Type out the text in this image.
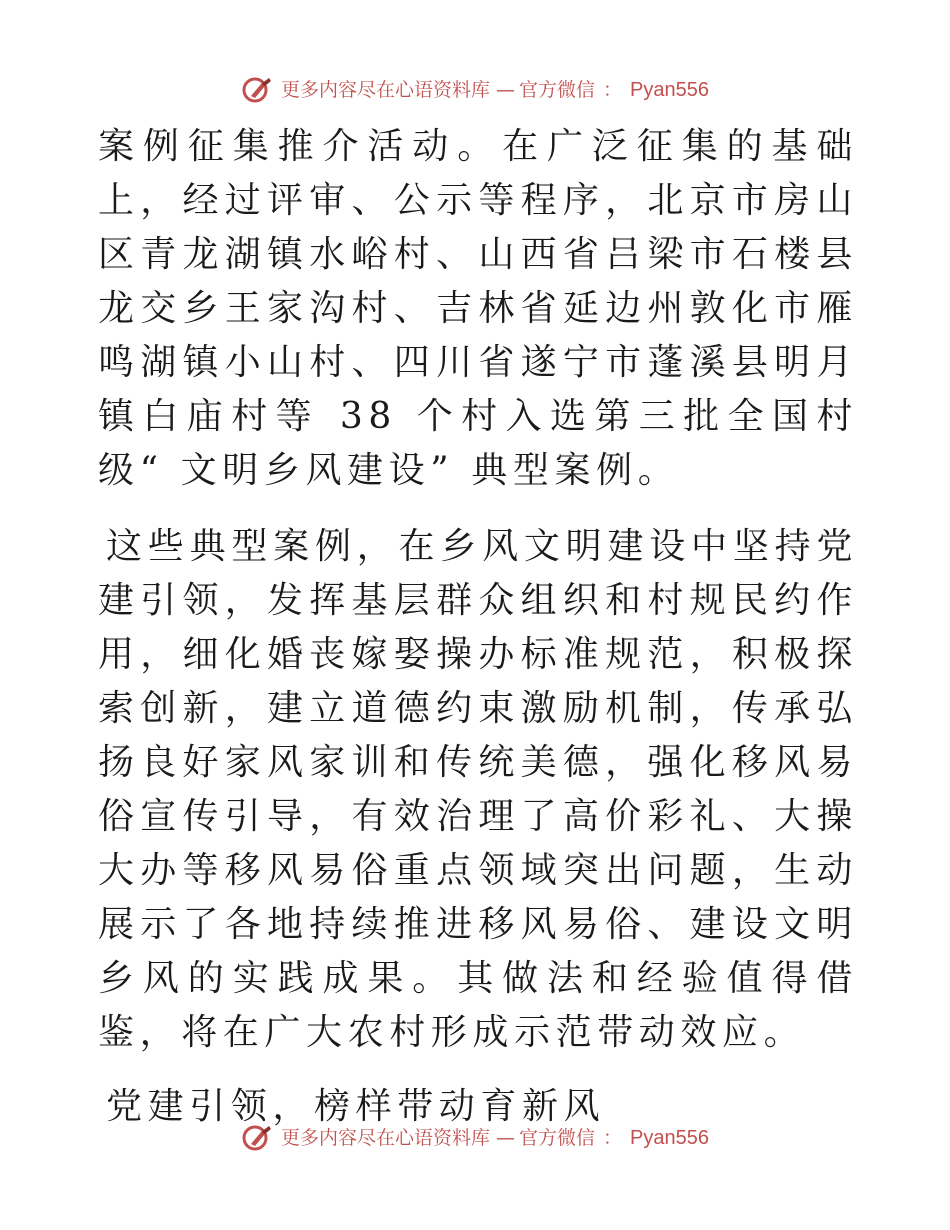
更多内容尽在心语资料库 — 官方微信 ： Pyan556

案例征集推介活动。在广泛征集的基础上，经过评审、公示等程序，北京市房山区青龙湖镇水峪村、山西省吕梁市石楼县龙交乡王家沟村、吉林省延边州敦化市雁鸣湖镇小山村、四川省遂宁市蓬溪县明月镇白庙村等 38 个村入选第三批全国村级“ 文明乡风建设” 典型案例。

这些典型案例，在乡风文明建设中坚持党建引领，发挥基层群众组织和村规民约作用，细化婚丧嫁娶操办标准规范，积极探索创新，建立道德约束激励机制，传承弘扬良好家风家训和传统美德，强化移风易俗宣传引导，有效治理了高价彩礼、大操大办等移风易俗重点领域突出问题，生动展示了各地持续推进移风易俗、建设文明乡风的实践成果。其做法和经验值得借鉴，将在广大农村形成示范带动效应。

党建引领，榜样带动育新风

更多内容尽在心语资料库 — 官方微信 ： Pyan556
